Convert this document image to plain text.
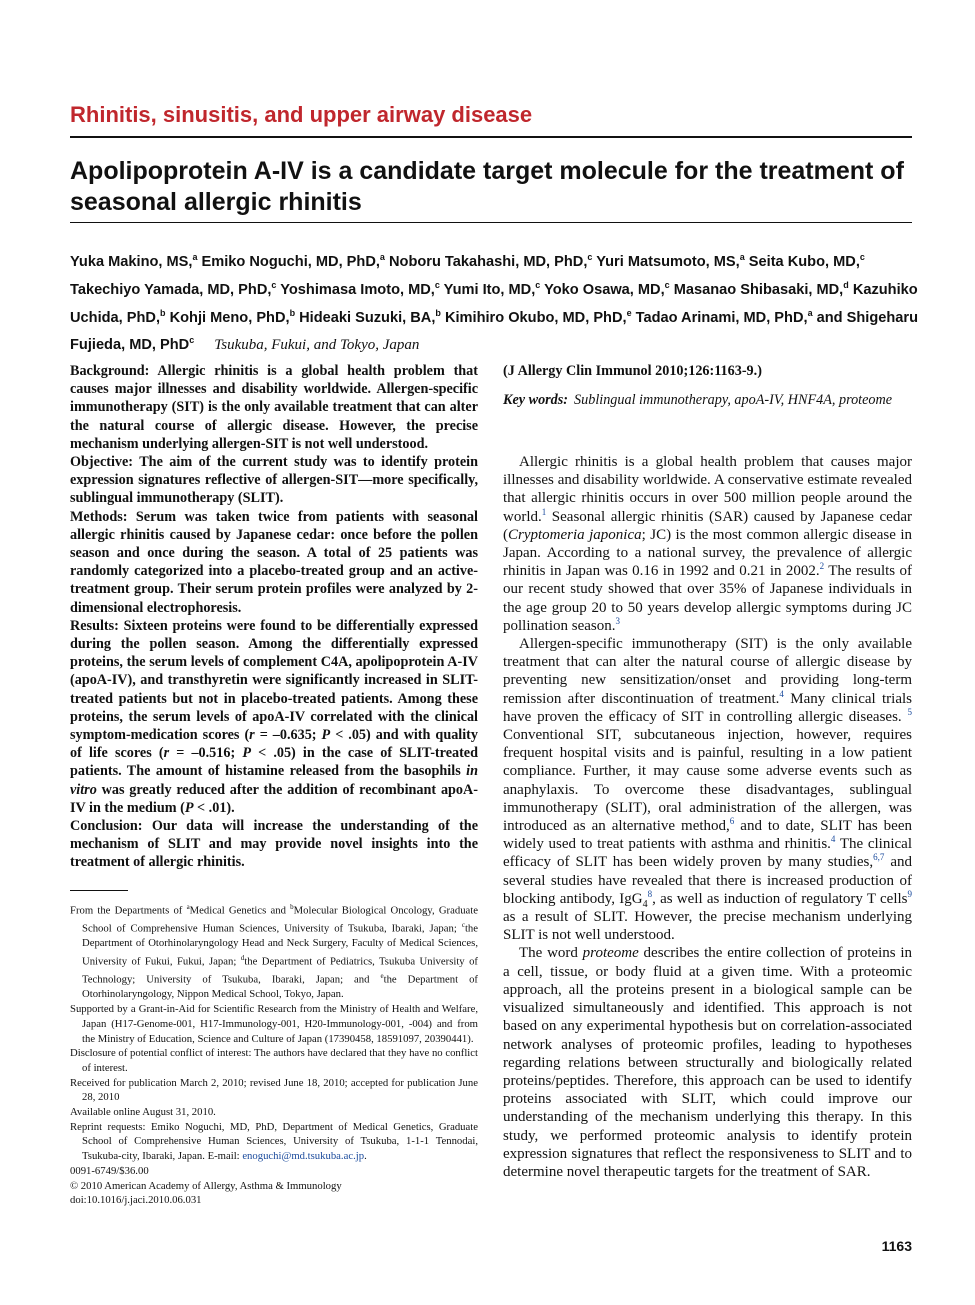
Rhinitis, sinusitis, and upper airway disease
Apolipoprotein A-IV is a candidate target molecule for the treatment of seasonal allergic rhinitis
Yuka Makino, MS,$^a$ Emiko Noguchi, MD, PhD,$^a$ Noboru Takahashi, MD, PhD,$^c$ Yuri Matsumoto, MS,$^a$ Seita Kubo, MD,$^c$ Takechiyo Yamada, MD, PhD,$^c$ Yoshimasa Imoto, MD,$^c$ Yumi Ito, MD,$^c$ Yoko Osawa, MD,$^c$ Masanao Shibasaki, MD,$^d$ Kazuhiko Uchida, PhD,$^b$ Kohji Meno, PhD,$^b$ Hideaki Suzuki, BA,$^b$ Kimihiro Okubo, MD, PhD,$^e$ Tadao Arinami, MD, PhD,$^a$ and Shigeharu Fujieda, MD, PhD$^c$ Tsukuba, Fukui, and Tokyo, Japan

Background: Allergic rhinitis is a global health problem that causes major illnesses and disability worldwide. Allergen-specific immunotherapy (SIT) is the only available treatment that can alter the natural course of allergic disease. However, the precise mechanism underlying allergen-SIT is not well understood.

Objective: The aim of the current study was to identify protein expression signatures reflective of allergen-SIT—more specifically, sublingual immunotherapy (SLIT).

Methods: Serum was taken twice from patients with seasonal allergic rhinitis caused by Japanese cedar: once before the pollen season and once during the season. A total of 25 patients was randomly categorized into a placebo-treated group and an active-treatment group. Their serum protein profiles were analyzed by 2-dimensional electrophoresis.

Results: Sixteen proteins were found to be differentially expressed during the pollen season. Among the differentially expressed proteins, the serum levels of complement C4A, apolipoprotein A-IV (apoA-IV), and transthyretin were significantly increased in SLIT-treated patients but not in placebo-treated patients. Among these proteins, the serum levels of apoA-IV correlated with the clinical symptom-medication scores (r = –0.635; P < .05) and with quality of life scores (r = –0.516; P < .05) in the case of SLIT-treated patients. The amount of histamine released from the basophils in vitro was greatly reduced after the addition of recombinant apoA-IV in the medium (P < .01).

Conclusion: Our data will increase the understanding of the mechanism of SLIT and may provide novel insights into the treatment of allergic rhinitis.

From the Departments of $^a$Medical Genetics and $^b$Molecular Biological Oncology, Graduate School of Comprehensive Human Sciences, University of Tsukuba, Ibaraki, Japan; $^c$the Department of Otorhinolaryngology Head and Neck Surgery, Faculty of Medical Sciences, University of Fukui, Fukui, Japan; $^d$the Department of Pediatrics, Tsukuba University of Technology; University of Tsukuba, Ibaraki, Japan; and $^e$the Department of Otorhinolaryngology, Nippon Medical School, Tokyo, Japan.

Supported by a Grant-in-Aid for Scientific Research from the Ministry of Health and Welfare, Japan (H17-Genome-001, H17-Immunology-001, H20-Immunology-001, -004) and from the Ministry of Education, Science and Culture of Japan (17390458, 18591097, 20390441).

Disclosure of potential conflict of interest: The authors have declared that they have no conflict of interest.

Received for publication March 2, 2010; revised June 18, 2010; accepted for publication June 28, 2010

Available online August 31, 2010.

Reprint requests: Emiko Noguchi, MD, PhD, Department of Medical Genetics, Graduate School of Comprehensive Human Sciences, University of Tsukuba, 1-1-1 Tennodai, Tsukuba-city, Ibaraki, Japan. E-mail: enoguchi@md.tsukuba.ac.jp.

0091-6749/$36.00

© 2010 American Academy of Allergy, Asthma & Immunology

doi:10.1016/j.jaci.2010.06.031

(J Allergy Clin Immunol 2010;126:1163-9.)

Key words: Sublingual immunotherapy, apoA-IV, HNF4A, proteome

Allergic rhinitis is a global health problem that causes major illnesses and disability worldwide. A conservative estimate revealed that allergic rhinitis occurs in over 500 million people around the world.$^1$ Seasonal allergic rhinitis (SAR) caused by Japanese cedar (Cryptomeria japonica; JC) is the most common allergic disease in Japan. According to a national survey, the prevalence of allergic rhinitis in Japan was 0.16 in 1992 and 0.21 in 2002.$^2$ The results of our recent study showed that over 35% of Japanese individuals in the age group 20 to 50 years develop allergic symptoms during JC pollination season.$^3$

Allergen-specific immunotherapy (SIT) is the only available treatment that can alter the natural course of allergic disease by preventing new sensitization/onset and providing long-term remission after discontinuation of treatment.$^4$ Many clinical trials have proven the efficacy of SIT in controlling allergic diseases. $^5$ Conventional SIT, subcutaneous injection, however, requires frequent hospital visits and is painful, resulting in a low patient compliance. Further, it may cause some adverse events such as anaphylaxis. To overcome these disadvantages, sublingual immunotherapy (SLIT), oral administration of the allergen, was introduced as an alternative method,$^6$ and to date, SLIT has been widely used to treat patients with asthma and rhinitis.$^4$ The clinical efficacy of SLIT has been widely proven by many studies,$^{6,7}$ and several studies have revealed that there is increased production of blocking antibody, IgG$_4^8$, as well as induction of regulatory T cells$^9$ as a result of SLIT. However, the precise mechanism underlying SLIT is not well understood.

The word proteome describes the entire collection of proteins in a cell, tissue, or body fluid at a given time. With a proteomic approach, all the proteins present in a biological sample can be visualized simultaneously and identified. This approach is not based on any experimental hypothesis but on correlation-associated network analyses of proteomic profiles, leading to hypotheses regarding relations between structurally and biologically related proteins/peptides. Therefore, this approach can be used to identify proteins associated with SLIT, which could improve our understanding of the mechanism underlying this therapy. In this study, we performed proteomic analysis to identify protein expression signatures that reflect the responsiveness to SLIT and to determine novel therapeutic targets for the treatment of SAR.

1163
